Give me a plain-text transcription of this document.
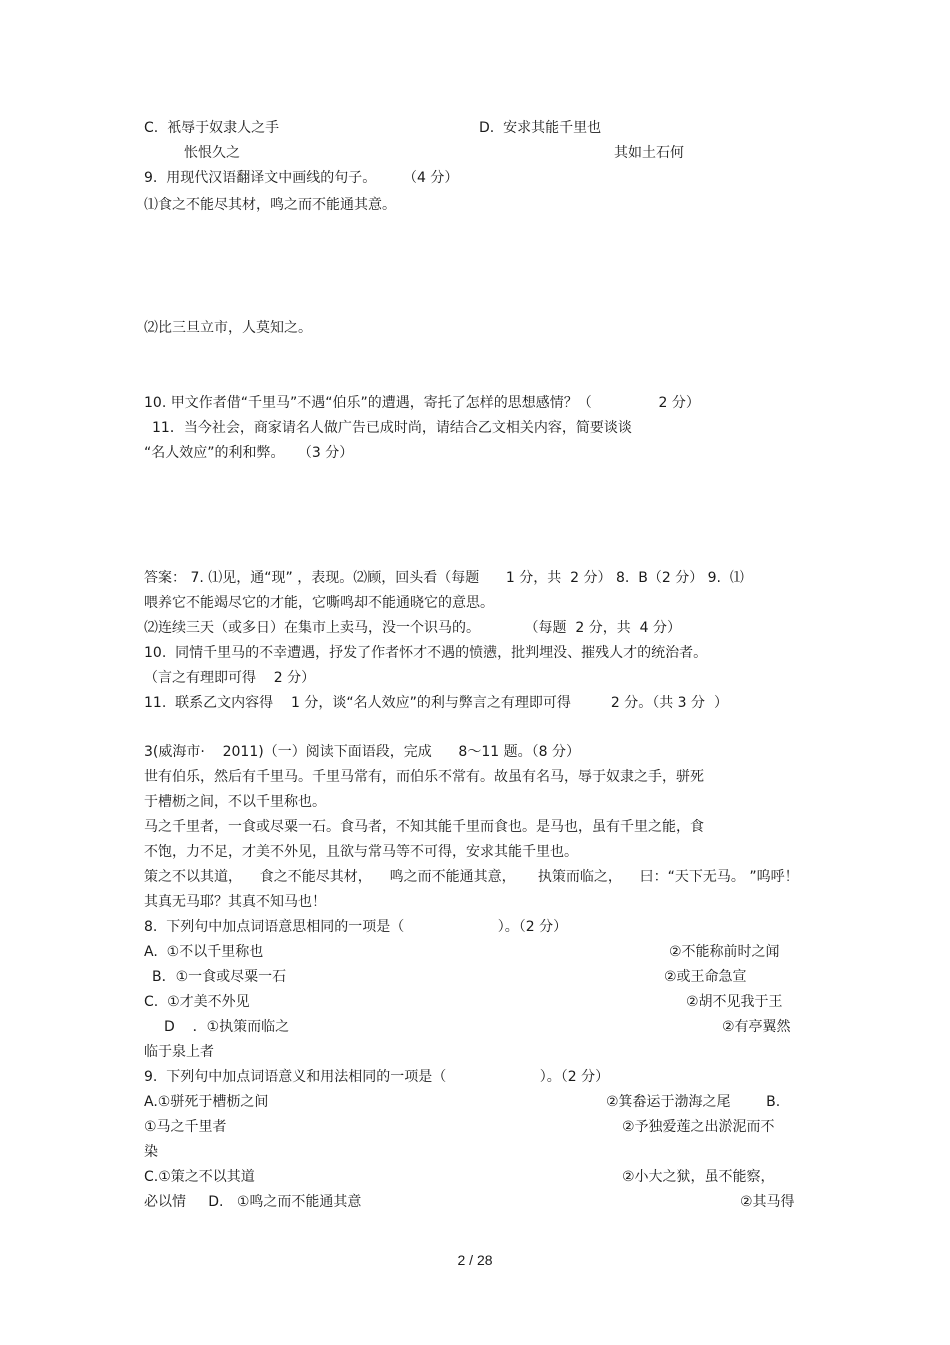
C.  衹辱于奴隶人之手	D.  安求其能千里也
怅恨久之	其如土石何
9.  用现代汉语翻译文中画线的句子。      （4 分）
⑴食之不能尽其材，鸣之而不能通其意。
⑵比三旦立市，人莫知之。
10. 甲文作者借“千里马”不遇“伯乐”的遭遇，寄托了怎样的思想感情？（               2 分）
11．当今社会，商家请名人做广告已成时尚，请结合乙文相关内容，简要谈谈
“名人效应”的利和弊。   （3 分）
答案： 7. ⑴见，通“现” ，表现。⑵顾，回头看（每题      1 分，共  2 分） 8.  B（2 分） 9.  ⑴
喂养它不能竭尽它的才能，它嘶鸣却不能通晓它的意思。
⑵连续三天（或多日）在集市上卖马，没一个识马的。          （每题  2 分，共  4 分）
10.  同情千里马的不幸遭遇，抒发了作者怀才不遇的愤懑，批判埋没、摧残人才的统治者。
（言之有理即可得    2 分）
11.  联系乙文内容得    1 分，谈“名人效应”的利与弊言之有理即可得         2 分。（共 3 分  ）
3(威海市·    2011)（一）阅读下面语段，完成      8～11 题。（8 分）
世有伯乐，然后有千里马。千里马常有，而伯乐不常有。故虽有名马，辱于奴隶之手，骈死
于槽枥之间，不以千里称也。
马之千里者，一食或尽粟一石。食马者，不知其能千里而食也。是马也，虽有千里之能，食
不饱，力不足，才美不外见，且欲与常马等不可得，安求其能千里也。
策之不以其道，    食之不能尽其材，    鸣之而不能通其意，     执策而临之，    曰：“天下无马。 ”呜呼！
其真无马耶？其真不知马也！
8.  下列句中加点词语意思相同的一项是（                     ）。（2 分）
A.  ①不以千里称也	②不能称前时之闻
B．①一食或尽粟一石	②或王命急宣
C.  ①才美不外见	②胡不见我于王
D    ．①执策而临之	②有亭翼然
临于泉上者
9.  下列句中加点词语意义和用法相同的一项是（                     ）。（2 分）
A.①骈死于槽枥之间	②箕畚运于渤海之尾        B.
①马之千里者	②予独爱莲之出淤泥而不
染
C.①策之不以其道	②小大之狱，虽不能察，
必以情     D.   ①鸣之而不能通其意	②其马得
2 / 28
